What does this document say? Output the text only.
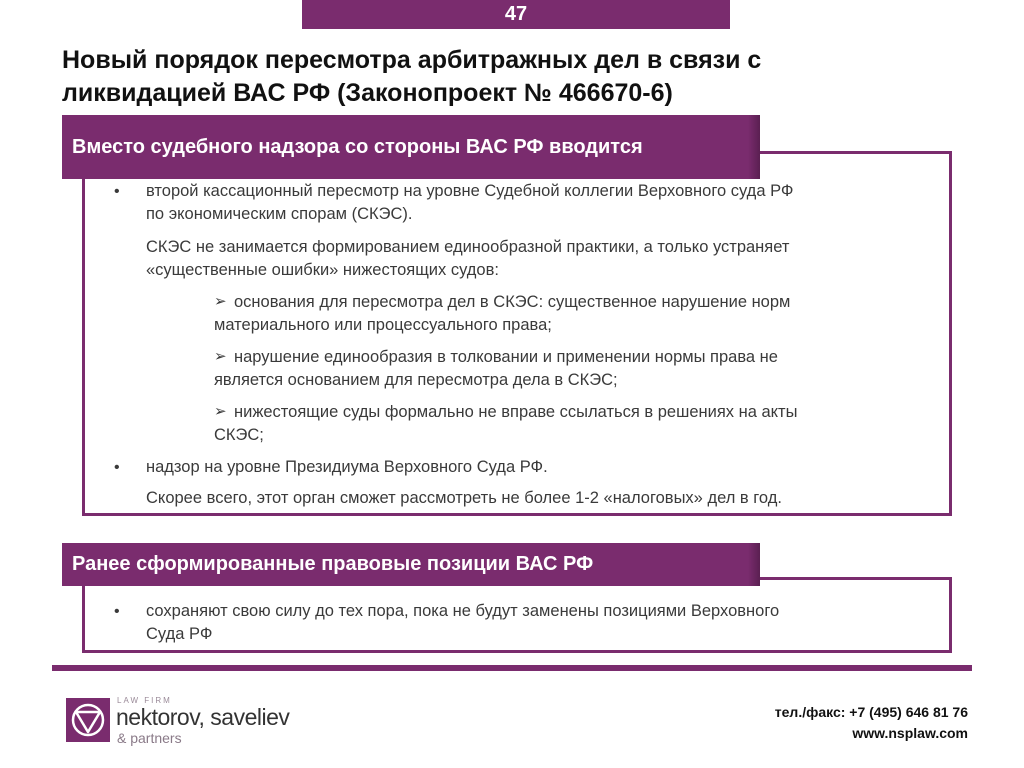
47
Новый порядок пересмотра арбитражных дел в связи с
ликвидацией ВАС РФ (Законопроект № 466670-6)
Вместо судебного надзора со стороны ВАС РФ вводится
• второй кассационный пересмотр на уровне Судебной коллегии Верховного суда РФ
по экономическим спорам (СКЭС).
СКЭС не занимается формированием единообразной практики, а только устраняет
«существенные ошибки» нижестоящих судов:
➢ основания для пересмотра дел в СКЭС: существенное нарушение норм
материального или процессуального права;
➢ нарушение единообразия в толковании и применении нормы права не
является основанием для пересмотра дела в СКЭС;
➢ нижестоящие суды формально не вправе ссылаться в решениях на акты
СКЭС;
• надзор на уровне Президиума Верховного Суда РФ.
Скорее всего, этот орган сможет рассмотреть не более 1-2 «налоговых» дел в год.
Ранее сформированные правовые позиции ВАС РФ
• сохраняют свою силу до тех пора, пока не будут заменены позициями Верховного
Суда РФ
LAW FIRM
nektorov, saveliev
& partners
тел./факс: +7 (495) 646 81 76
www.nsplaw.com
